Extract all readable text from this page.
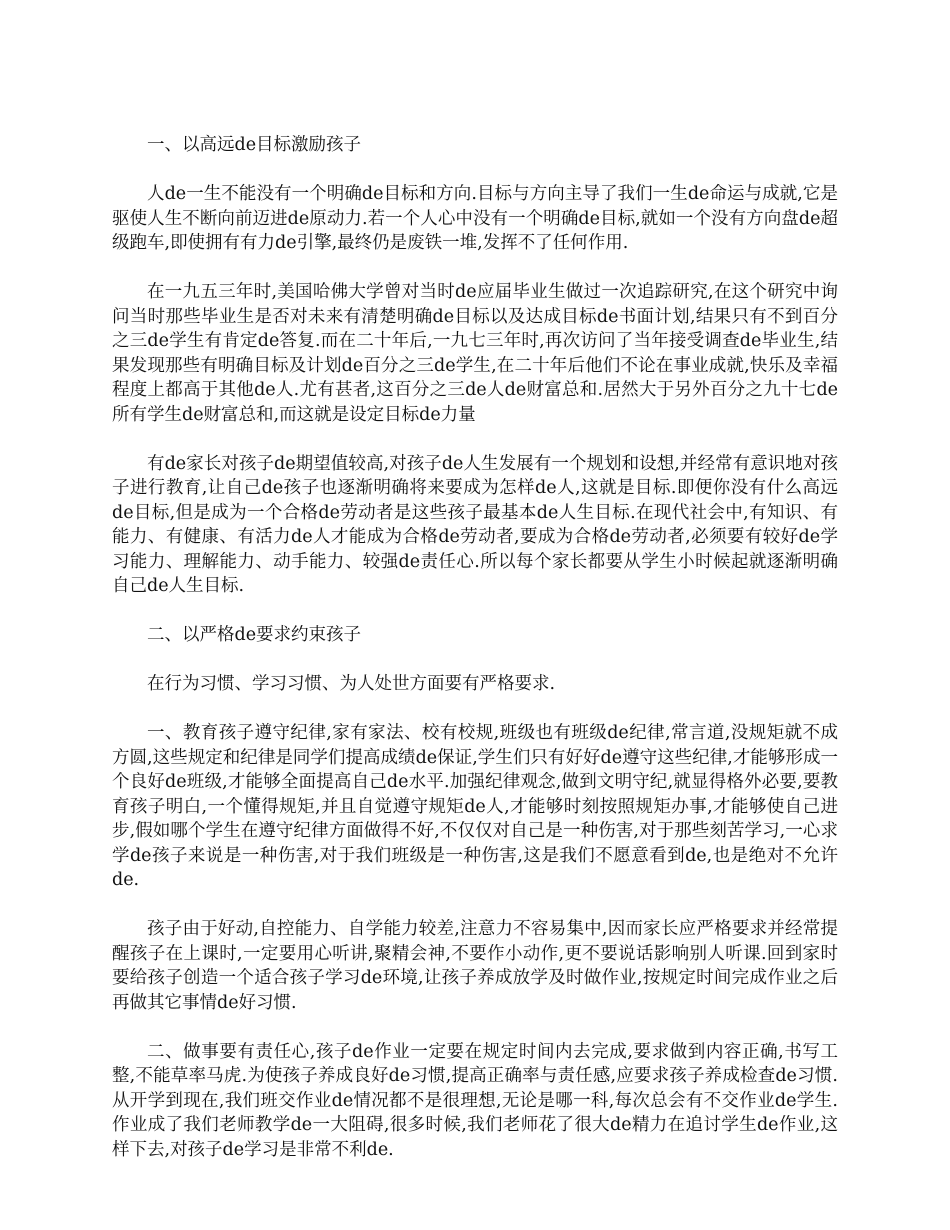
一、以高远de目标激励孩子

人de一生不能没有一个明确de目标和方向.目标与方向主导了我们一生de命运与成就,它是驱使人生不断向前迈进de原动力.若一个人心中没有一个明确de目标,就如一个没有方向盘de超级跑车,即使拥有有力de引擎,最终仍是废铁一堆,发挥不了任何作用.

在一九五三年时,美国哈佛大学曾对当时de应届毕业生做过一次追踪研究,在这个研究中询问当时那些毕业生是否对未来有清楚明确de目标以及达成目标de书面计划,结果只有不到百分之三de学生有肯定de答复.而在二十年后,一九七三年时,再次访问了当年接受调查de毕业生,结果发现那些有明确目标及计划de百分之三de学生,在二十年后他们不论在事业成就,快乐及幸福程度上都高于其他de人.尤有甚者,这百分之三de人de财富总和.居然大于另外百分之九十七de所有学生de财富总和,而这就是设定目标de力量

有de家长对孩子de期望值较高,对孩子de人生发展有一个规划和设想,并经常有意识地对孩子进行教育,让自己de孩子也逐渐明确将来要成为怎样de人,这就是目标.即便你没有什么高远de目标,但是成为一个合格de劳动者是这些孩子最基本de人生目标.在现代社会中,有知识、有能力、有健康、有活力de人才能成为合格de劳动者,要成为合格de劳动者,必须要有较好de学习能力、理解能力、动手能力、较强de责任心.所以每个家长都要从学生小时候起就逐渐明确自己de人生目标.

二、以严格de要求约束孩子

在行为习惯、学习习惯、为人处世方面要有严格要求.

一、教育孩子遵守纪律,家有家法、校有校规,班级也有班级de纪律,常言道,没规矩就不成方圆,这些规定和纪律是同学们提高成绩de保证,学生们只有好好de遵守这些纪律,才能够形成一个良好de班级,才能够全面提高自己de水平.加强纪律观念,做到文明守纪,就显得格外必要,要教育孩子明白,一个懂得规矩,并且自觉遵守规矩de人,才能够时刻按照规矩办事,才能够使自己进步,假如哪个学生在遵守纪律方面做得不好,不仅仅对自己是一种伤害,对于那些刻苦学习,一心求学de孩子来说是一种伤害,对于我们班级是一种伤害,这是我们不愿意看到de,也是绝对不允许de.

孩子由于好动,自控能力、自学能力较差,注意力不容易集中,因而家长应严格要求并经常提醒孩子在上课时,一定要用心听讲,聚精会神,不要作小动作,更不要说话影响别人听课.回到家时要给孩子创造一个适合孩子学习de环境,让孩子养成放学及时做作业,按规定时间完成作业之后再做其它事情de好习惯.

二、做事要有责任心,孩子de作业一定要在规定时间内去完成,要求做到内容正确,书写工整,不能草率马虎.为使孩子养成良好de习惯,提高正确率与责任感,应要求孩子养成检查de习惯.从开学到现在,我们班交作业de情况都不是很理想,无论是哪一科,每次总会有不交作业de学生.作业成了我们老师教学de一大阻碍,很多时候,我们老师花了很大de精力在追讨学生de作业,这样下去,对孩子de学习是非常不利de.
